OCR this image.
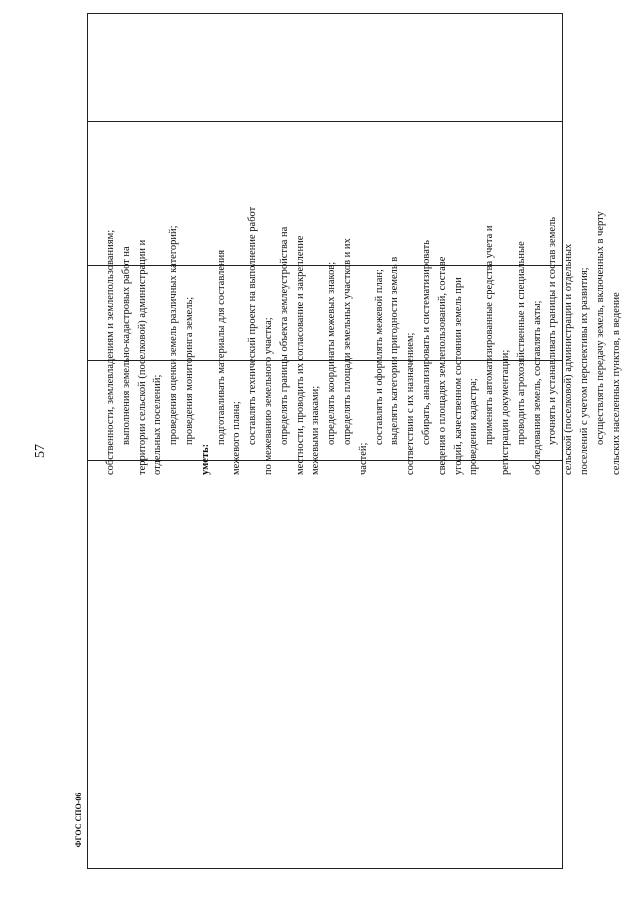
57	собственности, землевладениям и землепользованиям; выполнения земельно-кадастровых работ на территории сельской (поселковой) администрации и отдельных поселений; проведения оценки земель различных категорий; проведения мониторинга земель;
уметь:
подготавливать материалы для составления межевого плана; составлять технический проект на выполнение работ по межеванию земельного участка; определять границы объекта землеустройства на местности, проводить их согласование и закрепление межевыми знаками; определять координаты межевых знаков; определять площади земельных участков и их
частей;
составлять и оформлять межевой план; выделять категории пригодности земель в соответствии с их назначением; собирать, анализировать и систематизировать сведения о площадях землепользований, составе угодий, качественном состоянии земель при проведении кадастра; применять автоматизированные средства учета и регистрации документации; проводить агрохозяйственные и специальные обследования земель, составлять акты; уточнять и устанавливать границы и состав земель сельской (поселковой) администрации и отдельных поселений с учетом перспективы их развития; осуществлять передачу земель, включенных в черту сельских населенных пунктов, в ведение
ФГОС СПО-06
